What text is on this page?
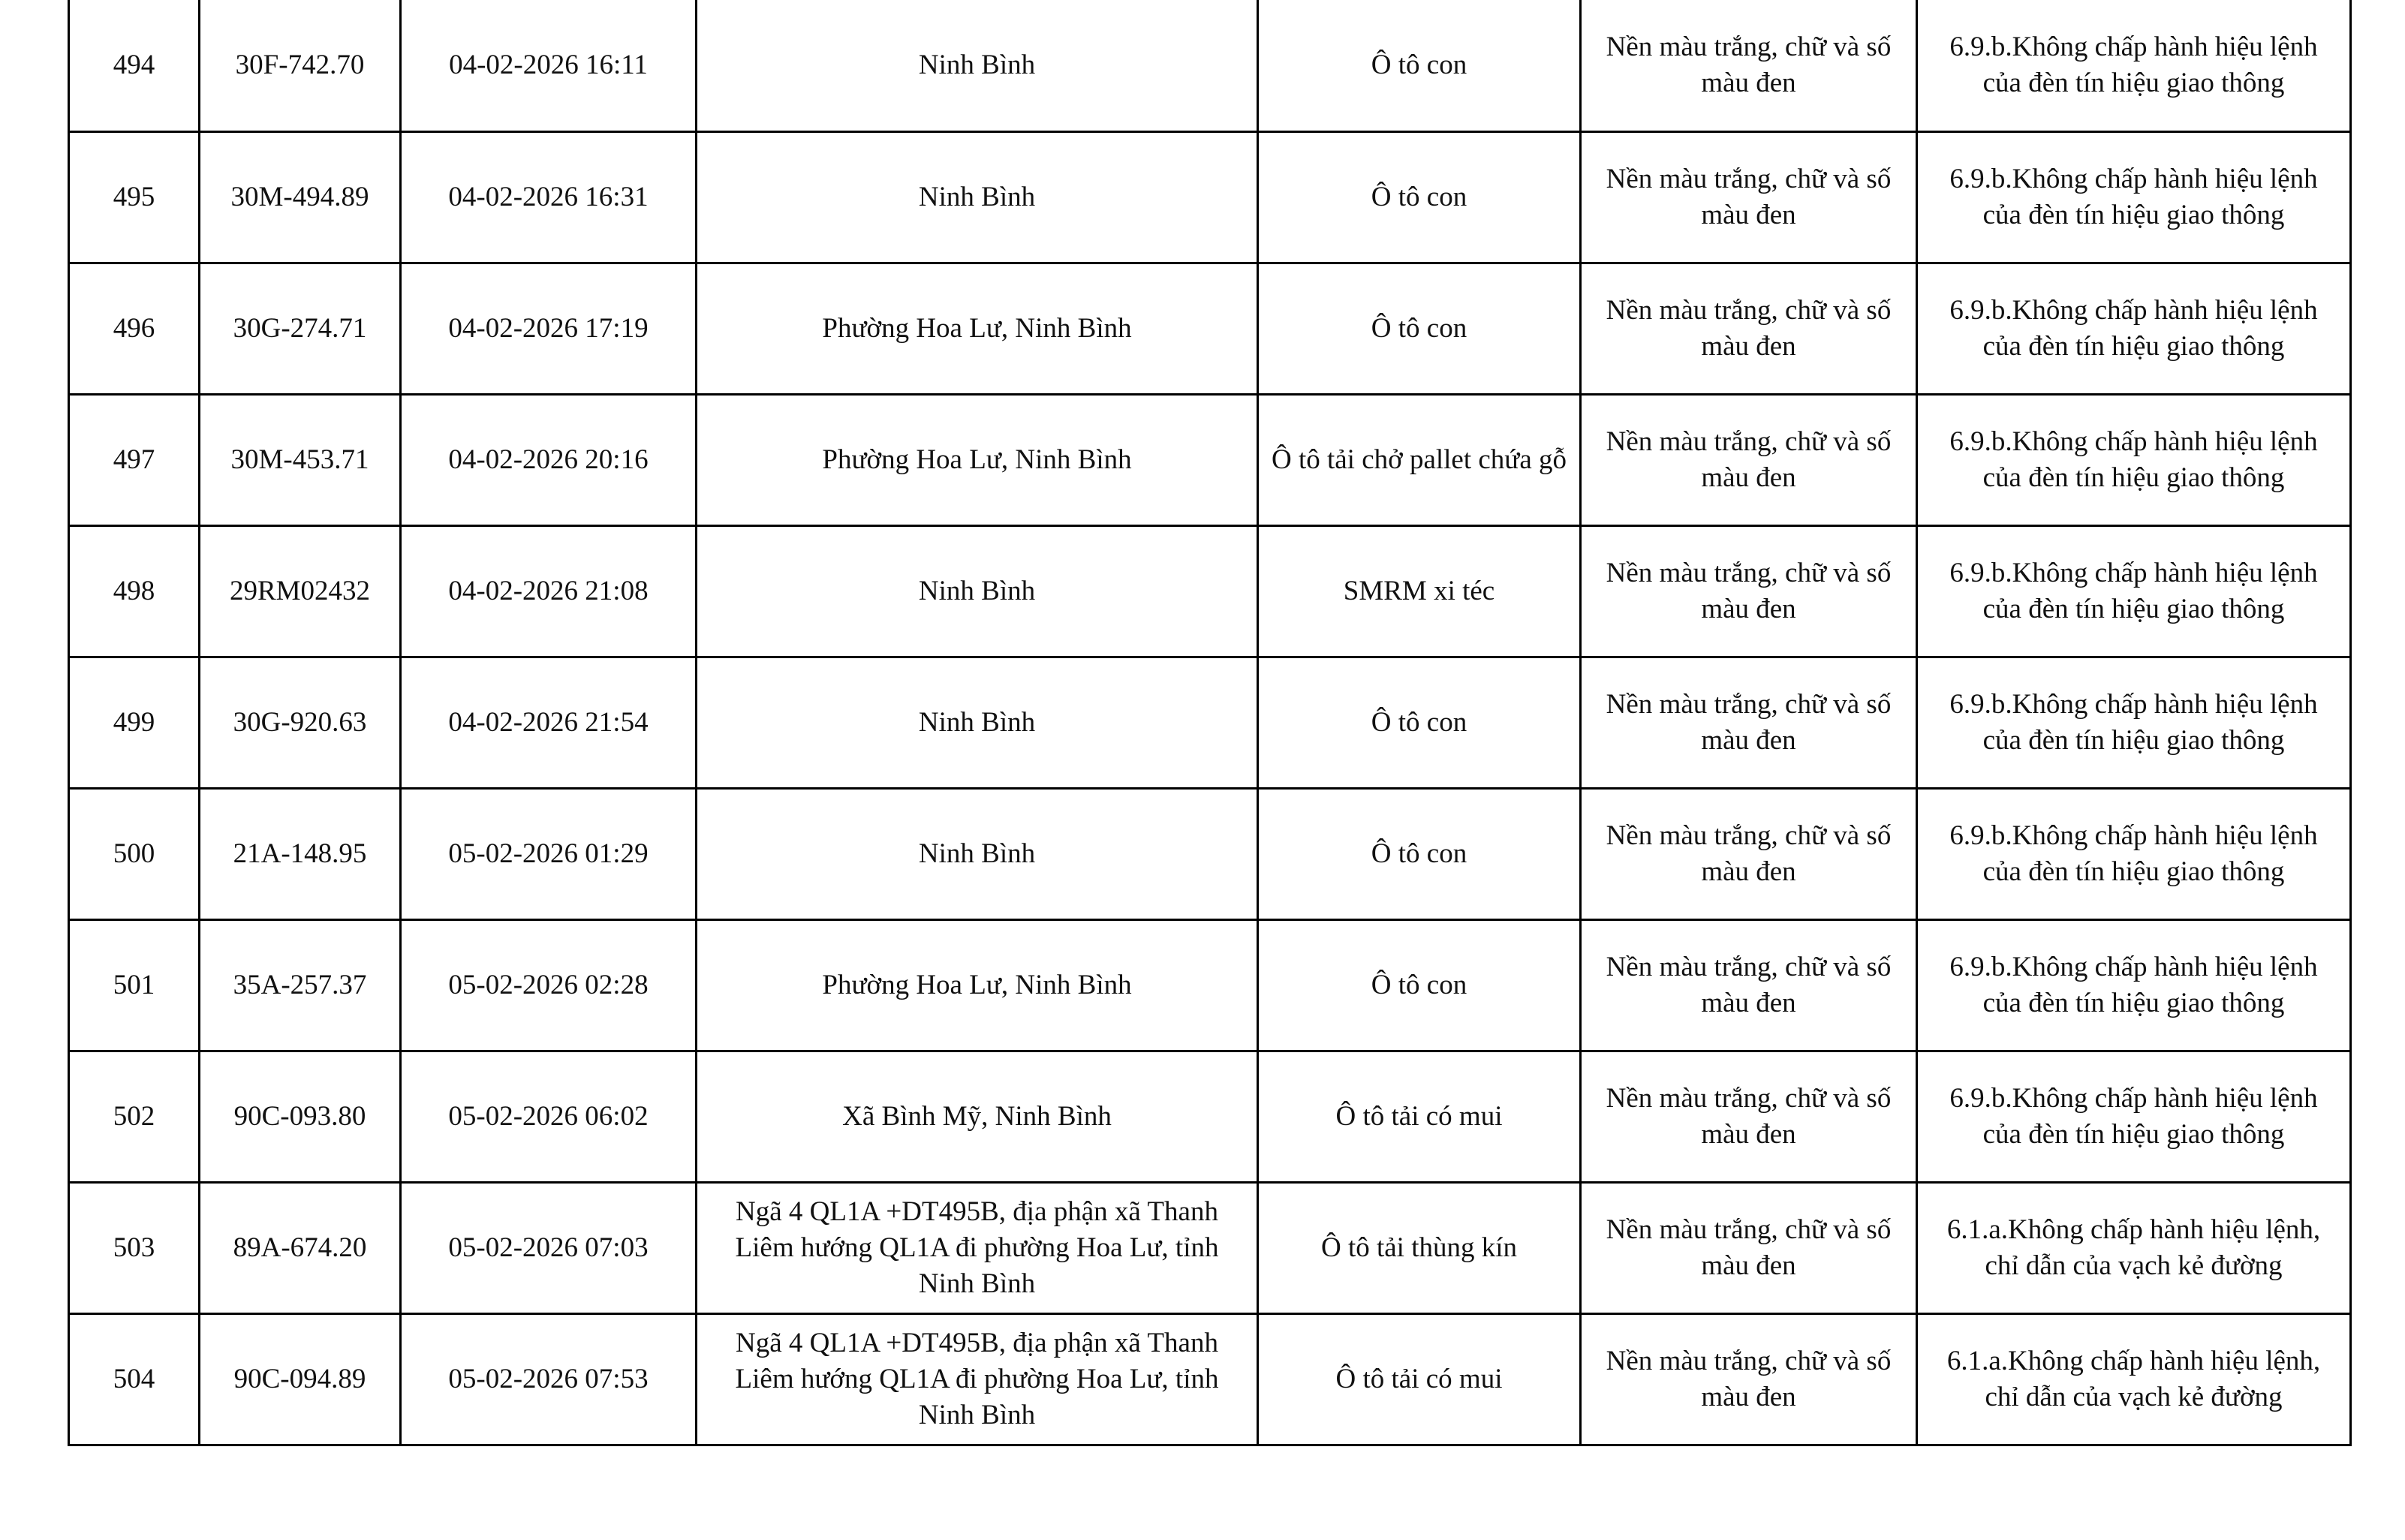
494	30F-742.70	04-02-2026 16:11	Ninh Bình	Ô tô con	Nền màu trắng, chữ và số màu đen	6.9.b.Không chấp hành hiệu lệnh của đèn tín hiệu giao thông
495	30M-494.89	04-02-2026 16:31	Ninh Bình	Ô tô con	Nền màu trắng, chữ và số màu đen	6.9.b.Không chấp hành hiệu lệnh của đèn tín hiệu giao thông
496	30G-274.71	04-02-2026 17:19	Phường Hoa Lư, Ninh Bình	Ô tô con	Nền màu trắng, chữ và số màu đen	6.9.b.Không chấp hành hiệu lệnh của đèn tín hiệu giao thông
497	30M-453.71	04-02-2026 20:16	Phường Hoa Lư, Ninh Bình	Ô tô tải chở pallet chứa gỗ	Nền màu trắng, chữ và số màu đen	6.9.b.Không chấp hành hiệu lệnh của đèn tín hiệu giao thông
498	29RM02432	04-02-2026 21:08	Ninh Bình	SMRM xi téc	Nền màu trắng, chữ và số màu đen	6.9.b.Không chấp hành hiệu lệnh của đèn tín hiệu giao thông
499	30G-920.63	04-02-2026 21:54	Ninh Bình	Ô tô con	Nền màu trắng, chữ và số màu đen	6.9.b.Không chấp hành hiệu lệnh của đèn tín hiệu giao thông
500	21A-148.95	05-02-2026 01:29	Ninh Bình	Ô tô con	Nền màu trắng, chữ và số màu đen	6.9.b.Không chấp hành hiệu lệnh của đèn tín hiệu giao thông
501	35A-257.37	05-02-2026 02:28	Phường Hoa Lư, Ninh Bình	Ô tô con	Nền màu trắng, chữ và số màu đen	6.9.b.Không chấp hành hiệu lệnh của đèn tín hiệu giao thông
502	90C-093.80	05-02-2026 06:02	Xã Bình Mỹ, Ninh Bình	Ô tô tải có mui	Nền màu trắng, chữ và số màu đen	6.9.b.Không chấp hành hiệu lệnh của đèn tín hiệu giao thông
503	89A-674.20	05-02-2026 07:03	Ngã 4 QL1A +DT495B, địa phận xã Thanh Liêm hướng QL1A đi phường Hoa Lư, tỉnh Ninh Bình	Ô tô tải thùng kín	Nền màu trắng, chữ và số màu đen	6.1.a.Không chấp hành hiệu lệnh, chỉ dẫn của vạch kẻ đường
504	90C-094.89	05-02-2026 07:53	Ngã 4 QL1A +DT495B, địa phận xã Thanh Liêm hướng QL1A đi phường Hoa Lư, tỉnh Ninh Bình	Ô tô tải có mui	Nền màu trắng, chữ và số màu đen	6.1.a.Không chấp hành hiệu lệnh, chỉ dẫn của vạch kẻ đường
